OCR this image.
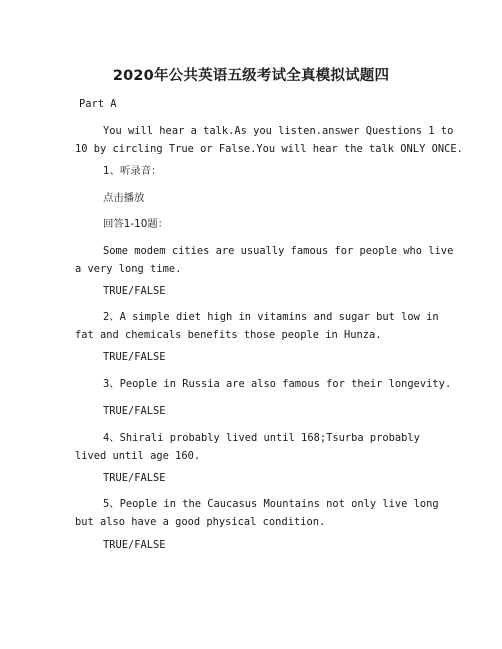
2020年公共英语五级考试全真模拟试题四
Part A
You will hear a talk.As you listen.answer Questions 1 to
10 by circling True or False.You will hear the talk ONLY ONCE.
1、听录音：
点击播放
回答1-10题：
Some modem cities are usually famous for people who live
a very long time.
TRUE/FALSE
2、A simple diet high in vitamins and sugar but low in
fat and chemicals benefits those people in Hunza.
TRUE/FALSE
3、People in Russia are also famous for their longevity.
TRUE/FALSE
4、Shirali probably lived until 168;Tsurba probably
lived until age 160.
TRUE/FALSE
5、People in the Caucasus Mountains not only live long
but also have a good physical condition.
TRUE/FALSE
